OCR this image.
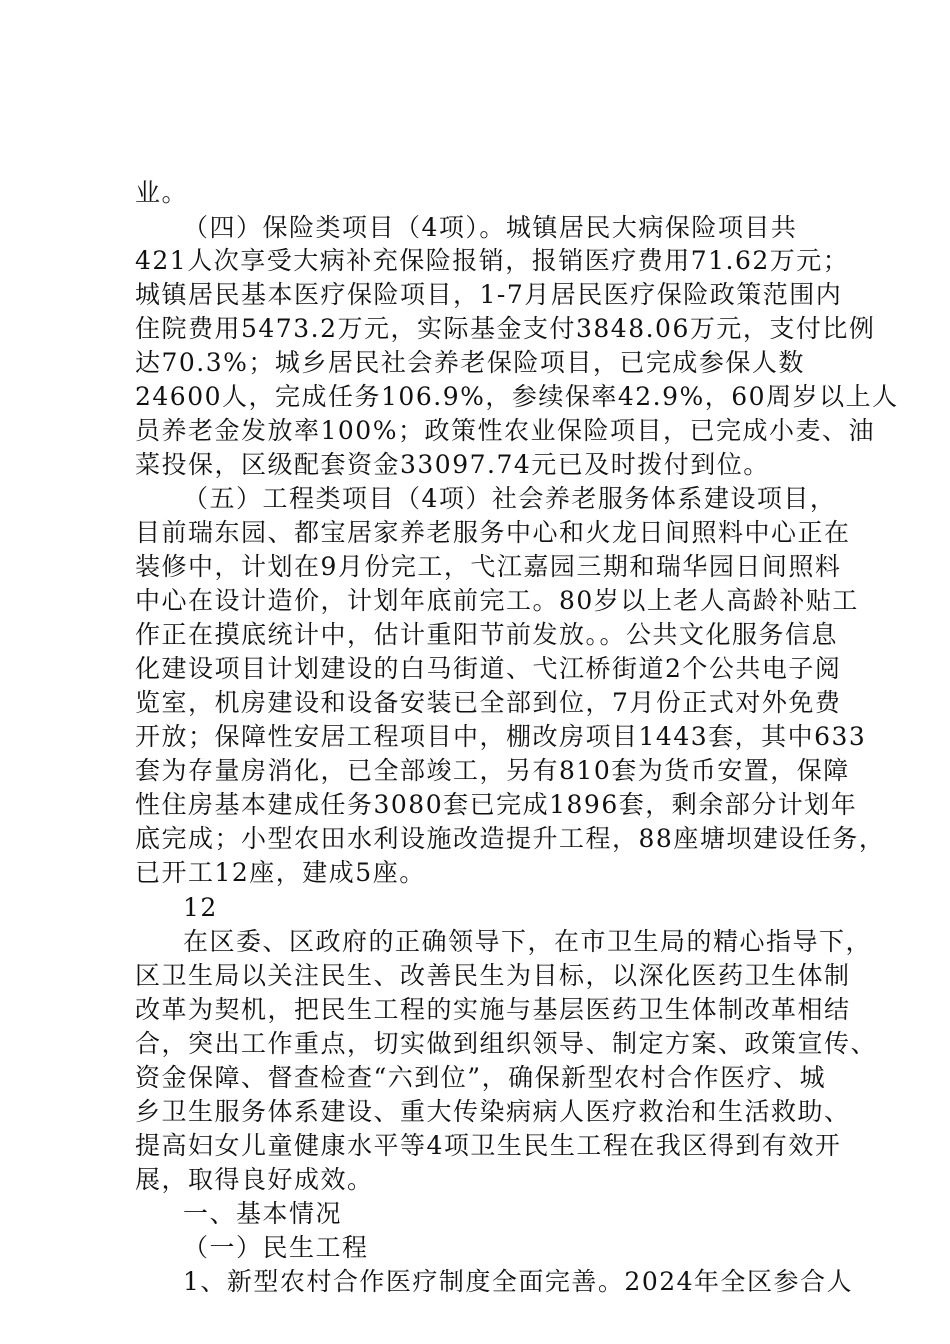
业。
（四）保险类项目（4项）。城镇居民大病保险项目共
421人次享受大病补充保险报销，报销医疗费用71.62万元；
城镇居民基本医疗保险项目，1-7月居民医疗保险政策范围内
住院费用5473.2万元，实际基金支付3848.06万元，支付比例
达70.3%；城乡居民社会养老保险项目，已完成参保人数
24600人，完成任务106.9%，参续保率42.9%，60周岁以上人
员养老金发放率100%；政策性农业保险项目，已完成小麦、油
菜投保，区级配套资金33097.74元已及时拨付到位。
（五）工程类项目（4项）社会养老服务体系建设项目，
目前瑞东园、都宝居家养老服务中心和火龙日间照料中心正在
装修中，计划在9月份完工，弋江嘉园三期和瑞华园日间照料
中心在设计造价，计划年底前完工。80岁以上老人高龄补贴工
作正在摸底统计中，估计重阳节前发放。。公共文化服务信息
化建设项目计划建设的白马街道、弋江桥街道2个公共电子阅
览室，机房建设和设备安装已全部到位，7月份正式对外免费
开放；保障性安居工程项目中，棚改房项目1443套，其中633
套为存量房消化，已全部竣工，另有810套为货币安置，保障
性住房基本建成任务3080套已完成1896套，剩余部分计划年
底完成；小型农田水利设施改造提升工程，88座塘坝建设任务，
已开工12座，建成5座。
12
在区委、区政府的正确领导下，在市卫生局的精心指导下，
区卫生局以关注民生、改善民生为目标，以深化医药卫生体制
改革为契机，把民生工程的实施与基层医药卫生体制改革相结
合，突出工作重点，切实做到组织领导、制定方案、政策宣传、
资金保障、督查检查“六到位”，确保新型农村合作医疗、城
乡卫生服务体系建设、重大传染病病人医疗救治和生活救助、
提高妇女儿童健康水平等4项卫生民生工程在我区得到有效开
展，取得良好成效。
一、基本情况
（一）民生工程
1、新型农村合作医疗制度全面完善。2024年全区参合人
